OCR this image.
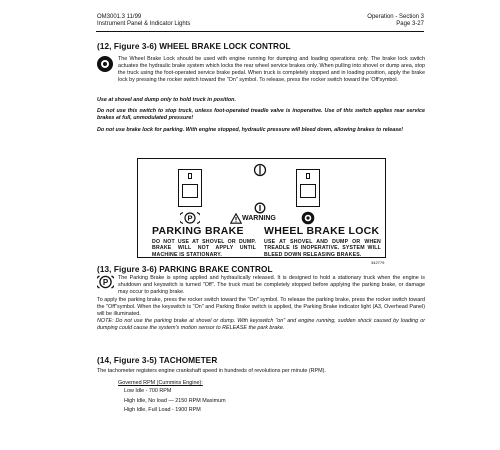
OM3001.3 11/99
Instrument Panel & Indicator Lights
Operation - Section 3
Page 3-27
(12, Figure 3-6) WHEEL BRAKE LOCK CONTROL
The Wheel Brake Lock should be used with engine running for dumping and loading operations only. The brake lock switch actuates the hydraulic brake system which locks the rear wheel service brakes only. When pulling into shovel or dump area, stop the truck using the foot-operated service brake pedal. When truck is completely stopped and in loading position, apply the brake lock by pressing the rocker switch toward the "On" symbol. To release, press the rocker switch toward the 'Off'symbol.
Use at shovel and dump only to hold truck in position.
Do not use this switch to stop truck, unless foot-operated treadle valve is inoperative. Use of this switch applies rear service brakes at full, unmodulated pressure!
Do not use brake lock for parking. With engine stopped, hydraulic pressure will bleed down, allowing brakes to release!
P	WARNING
PARKING BRAKE
DO NOT USE AT SHOVEL OR DUMP. BRAKE WILL NOT APPLY UNTIL MACHINE IS STATIONARY.
WHEEL BRAKE LOCK
USE AT SHOVEL AND DUMP OR WHEN TREADLE IS INOPERATIVE. SYSTEM WILL BLEED DOWN RELEASING BRAKES.
342779
(13, Figure 3-6) PARKING BRAKE CONTROL
P The Parking Brake is spring applied and hydraulically released. It is designed to hold a stationary truck when the engine is shutdown and keyswitch is turned "Off". The truck must be completely stopped before applying the parking brake, or damage may occur to parking brake.
To apply the parking brake, press the rocker switch toward the "On" symbol. To release the parking brake, press the rocker switch toward the "Off"symbol. When the keyswitch is "On" and Parking Brake switch is applied, the Parking Brake indicator light (A3, Overhead Panel) will be illuminated.
NOTE: Do not use the parking brake at shovel or dump. With keyswitch "on" and engine running, sudden shock caused by loading or dumping could cause the system's motion sensor to RELEASE the park brake.
(14, Figure 3-5) TACHOMETER
The tachometer registers engine crankshaft speed in hundreds of revolutions per minute (RPM).
Governed RPM (Cummins Engine):
Low Idle - 700 RPM
High Idle, No load — 2150 RPM Maximum
High Idle, Full Load - 1900 RPM
